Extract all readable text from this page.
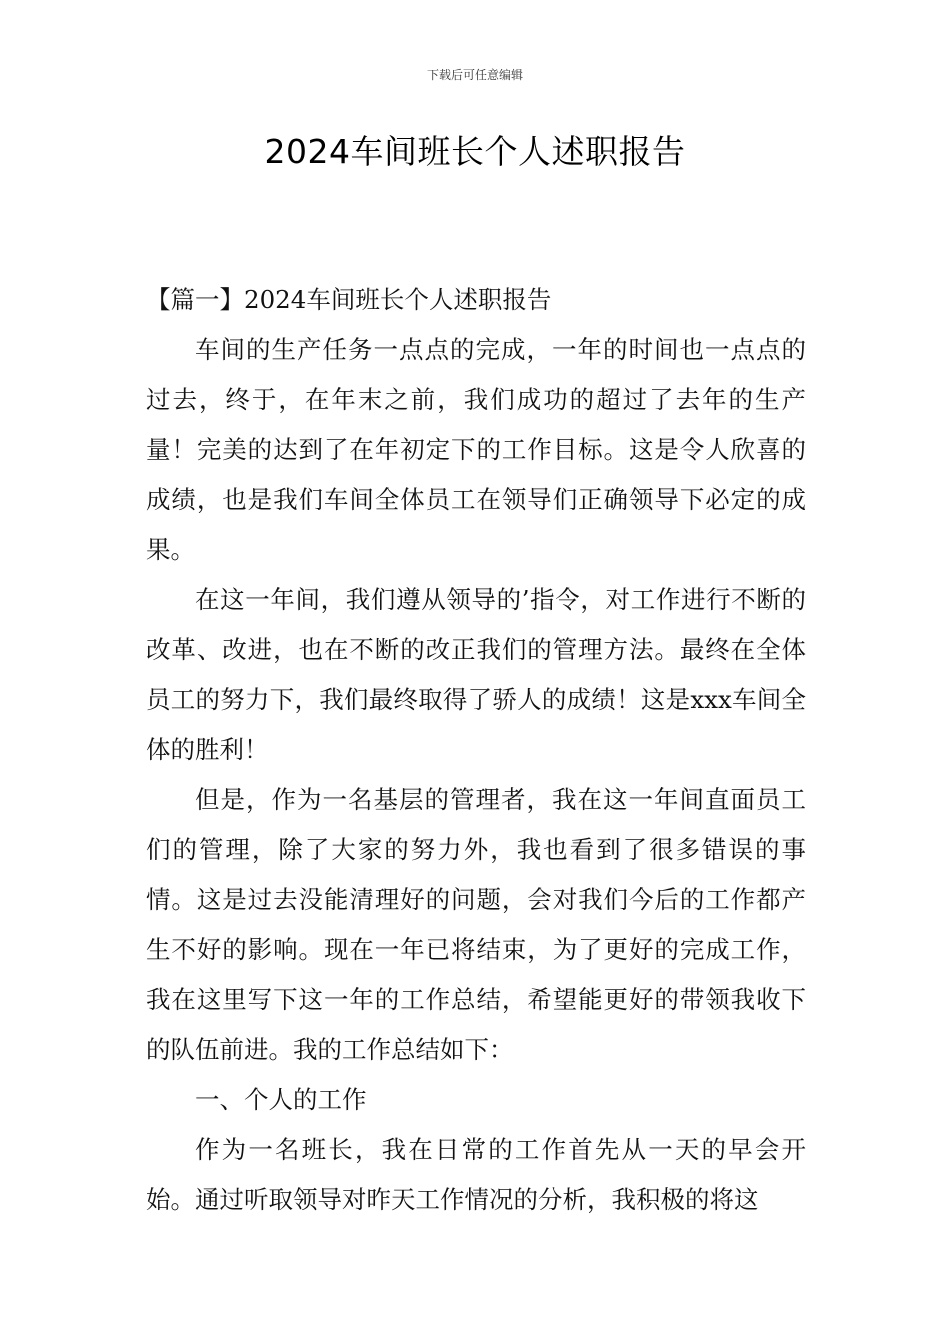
下载后可任意编辑
2024车间班长个人述职报告

【篇一】2024车间班长个人述职报告

车间的生产任务一点点的完成，一年的时间也一点点的过去，终于，在年末之前，我们成功的超过了去年的生产量！完美的达到了在年初定下的工作目标。这是令人欣喜的成绩，也是我们车间全体员工在领导们正确领导下必定的成果。

在这一年间，我们遵从领导的’指令，对工作进行不断的改革、改进，也在不断的改正我们的管理方法。最终在全体员工的努力下，我们最终取得了骄人的成绩！这是xxx车间全体的胜利！

但是，作为一名基层的管理者，我在这一年间直面员工们的管理，除了大家的努力外，我也看到了很多错误的事情。这是过去没能清理好的问题，会对我们今后的工作都产生不好的影响。现在一年已将结束，为了更好的完成工作，我在这里写下这一年的工作总结，希望能更好的带领我收下的队伍前进。我的工作总结如下：

一、个人的工作

作为一名班长，我在日常的工作首先从一天的早会开始。通过听取领导对昨天工作情况的分析，我积极的将这
